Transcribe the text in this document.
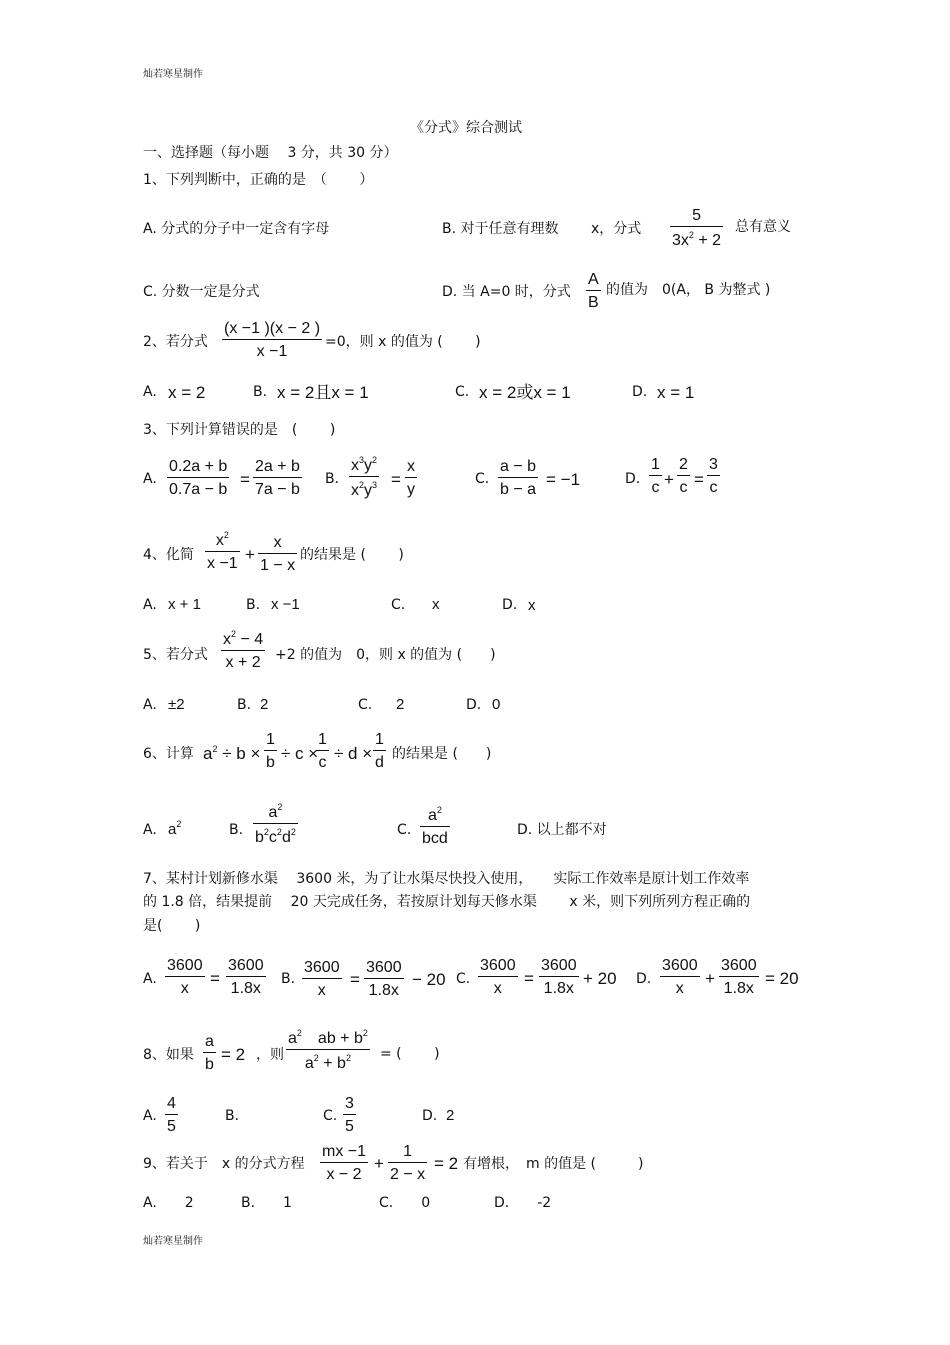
灿若寒星制作
《分式》综合测试
一、选择题（每小题　 3 分，共 30 分）
1、下列判断中，正确的是　（　　 ）
A. 分式的分子中一定含有字母	B. 对于任意有理数　　 x，分式
5
$3x^2 + 2$
总有意义
C. 分数一定是分式	D. 当 A=0 时，分式
A
B
的值为　0(A， B 为整式 )
2、若分式
(x −1 )(x − 2 )
x −1
=0，则 x 的值为 (　　 )
A. x = 2	B. x = 2且x = 1	C. x = 2或x = 1	D. x = 1
3、下列计算错误的是　(　　 )
A.
0.2a + b
0.7a − b
=
2a + b
7a − b
B.
$x^3y^2$
$x^2y^3$ =
x
y
C.
a − b
b − a
= −1	D.
1
c +
2
c =
3
c
4、化简
$x^2$
x −1 +
x
1 − x
的结果是 (　　 )
A. x + 1	B. x −1	C. x	D. x
5、若分式
$x^2 - 4$
x + 2 +2 的值为　0，则 x 的值为 (　　)
A. ±2	B. 2	C. 2	D. 0
6、计算 $a^2 \div b$ ×
1
b ÷ c ×
1
c ÷ d ×
1
d 的结果是 (　　)
A. $a^2$	B.
$a^2$
$b^2c^2d^2$	C.
$a^2$
bcd	D. 以上都不对
7、某村计划新修水渠　 3600 米，为了让水渠尽快投入使用，　　实际工作效率是原计划工作效率
的 1.8 倍，结果提前　 20 天完成任务，若按原计划每天修水渠　　 x 米，则下列所列方程正确的
是(　　 )
A.
3600
x
=
3600
1.8x
B.
3600
x
=
3600
1.8x
− 20 C.
3600
x
=
3600
1.8x
+ 20 D.
3600
x
+
3600
1.8x
= 20
8、如果
a
b
= 2 ，则
$a^2$　ab + $b^2$
$a^2 + b^2$ = (　　 )
A.
4
5
B.	C.
3
5
D. 2
9、若关于　x 的分式方程
mx −1
x − 2
+
1
2 − x
= 2 有增根，　m 的值是 (　　　)
A.　　2	B.　　1	C.　　0	D.　　-2
灿若寒星制作
